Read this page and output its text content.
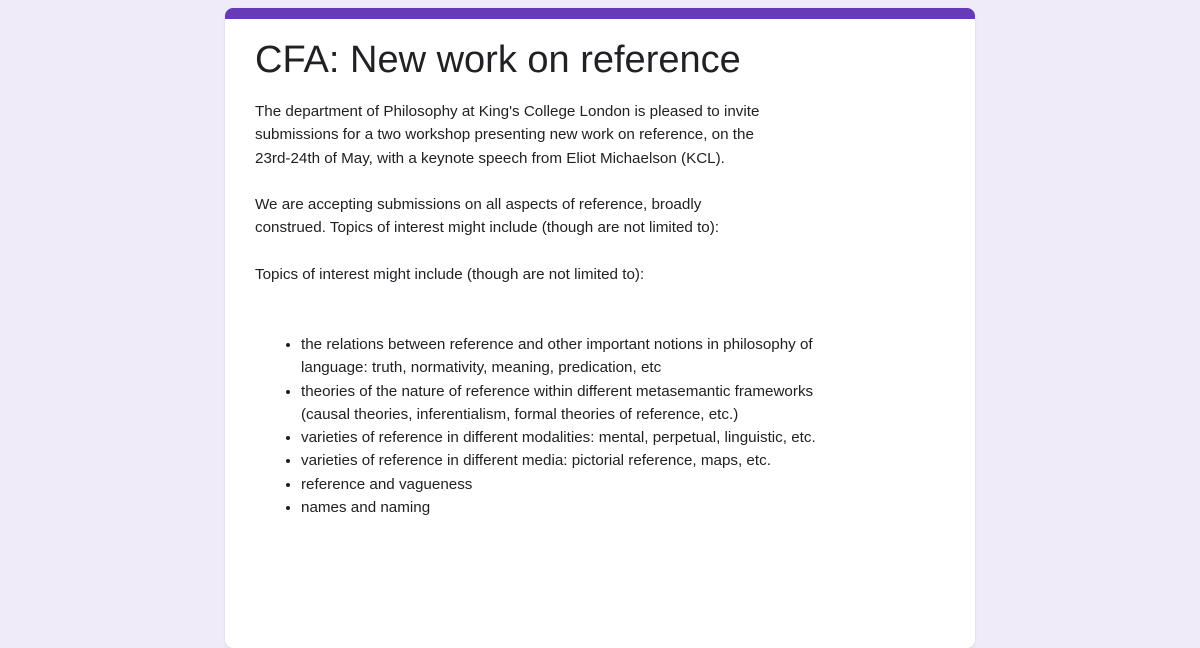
CFA: New work on reference

The department of Philosophy at King's College London is pleased to invite submissions for a two workshop presenting new work on reference, on the 23rd-24th of May, with a keynote speech from Eliot Michaelson (KCL).

We are accepting submissions on all aspects of reference, broadly construed. Topics of interest might include (though are not limited to):

Topics of interest might include (though are not limited to):

• the relations between reference and other important notions in philosophy of language: truth, normativity, meaning, predication, etc
• theories of the nature of reference within different metasemantic frameworks (causal theories, inferentialism, formal theories of reference, etc.)
• varieties of reference in different modalities: mental, perpetual, linguistic, etc.
• varieties of reference in different media: pictorial reference, maps, etc.
• reference and vagueness
• names and naming
